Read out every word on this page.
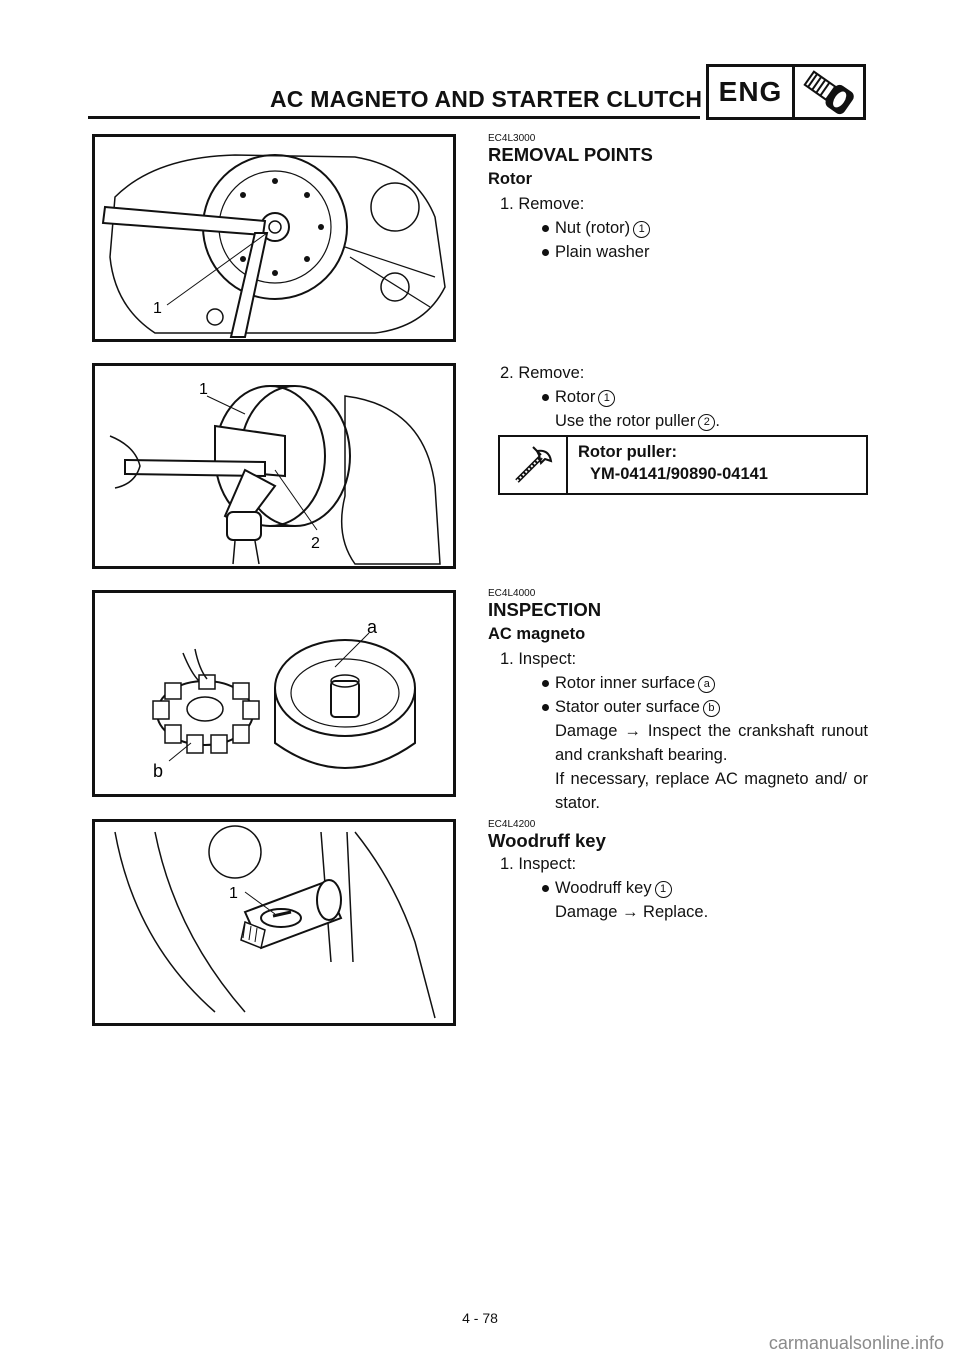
AC MAGNETO AND STARTER CLUTCH ENG
1
1
2
a
b
1
EC4L3000
REMOVAL POINTS
Rotor
1. Remove:
Nut (rotor) 1
Plain washer
2. Remove:
Rotor 1
Use the rotor puller 2 .
Rotor puller:
YM-04141/90890-04141
EC4L4000
INSPECTION
AC magneto
1. Inspect:
Rotor inner surface a
Stator outer surface b
Damage → Inspect the crankshaft runout and crankshaft bearing.
If necessary, replace AC magneto and/ or stator.
EC4L4200
Woodruff key
1. Inspect:
Woodruff key 1
Damage → Replace.
4 - 78
carmanualsonline.info
